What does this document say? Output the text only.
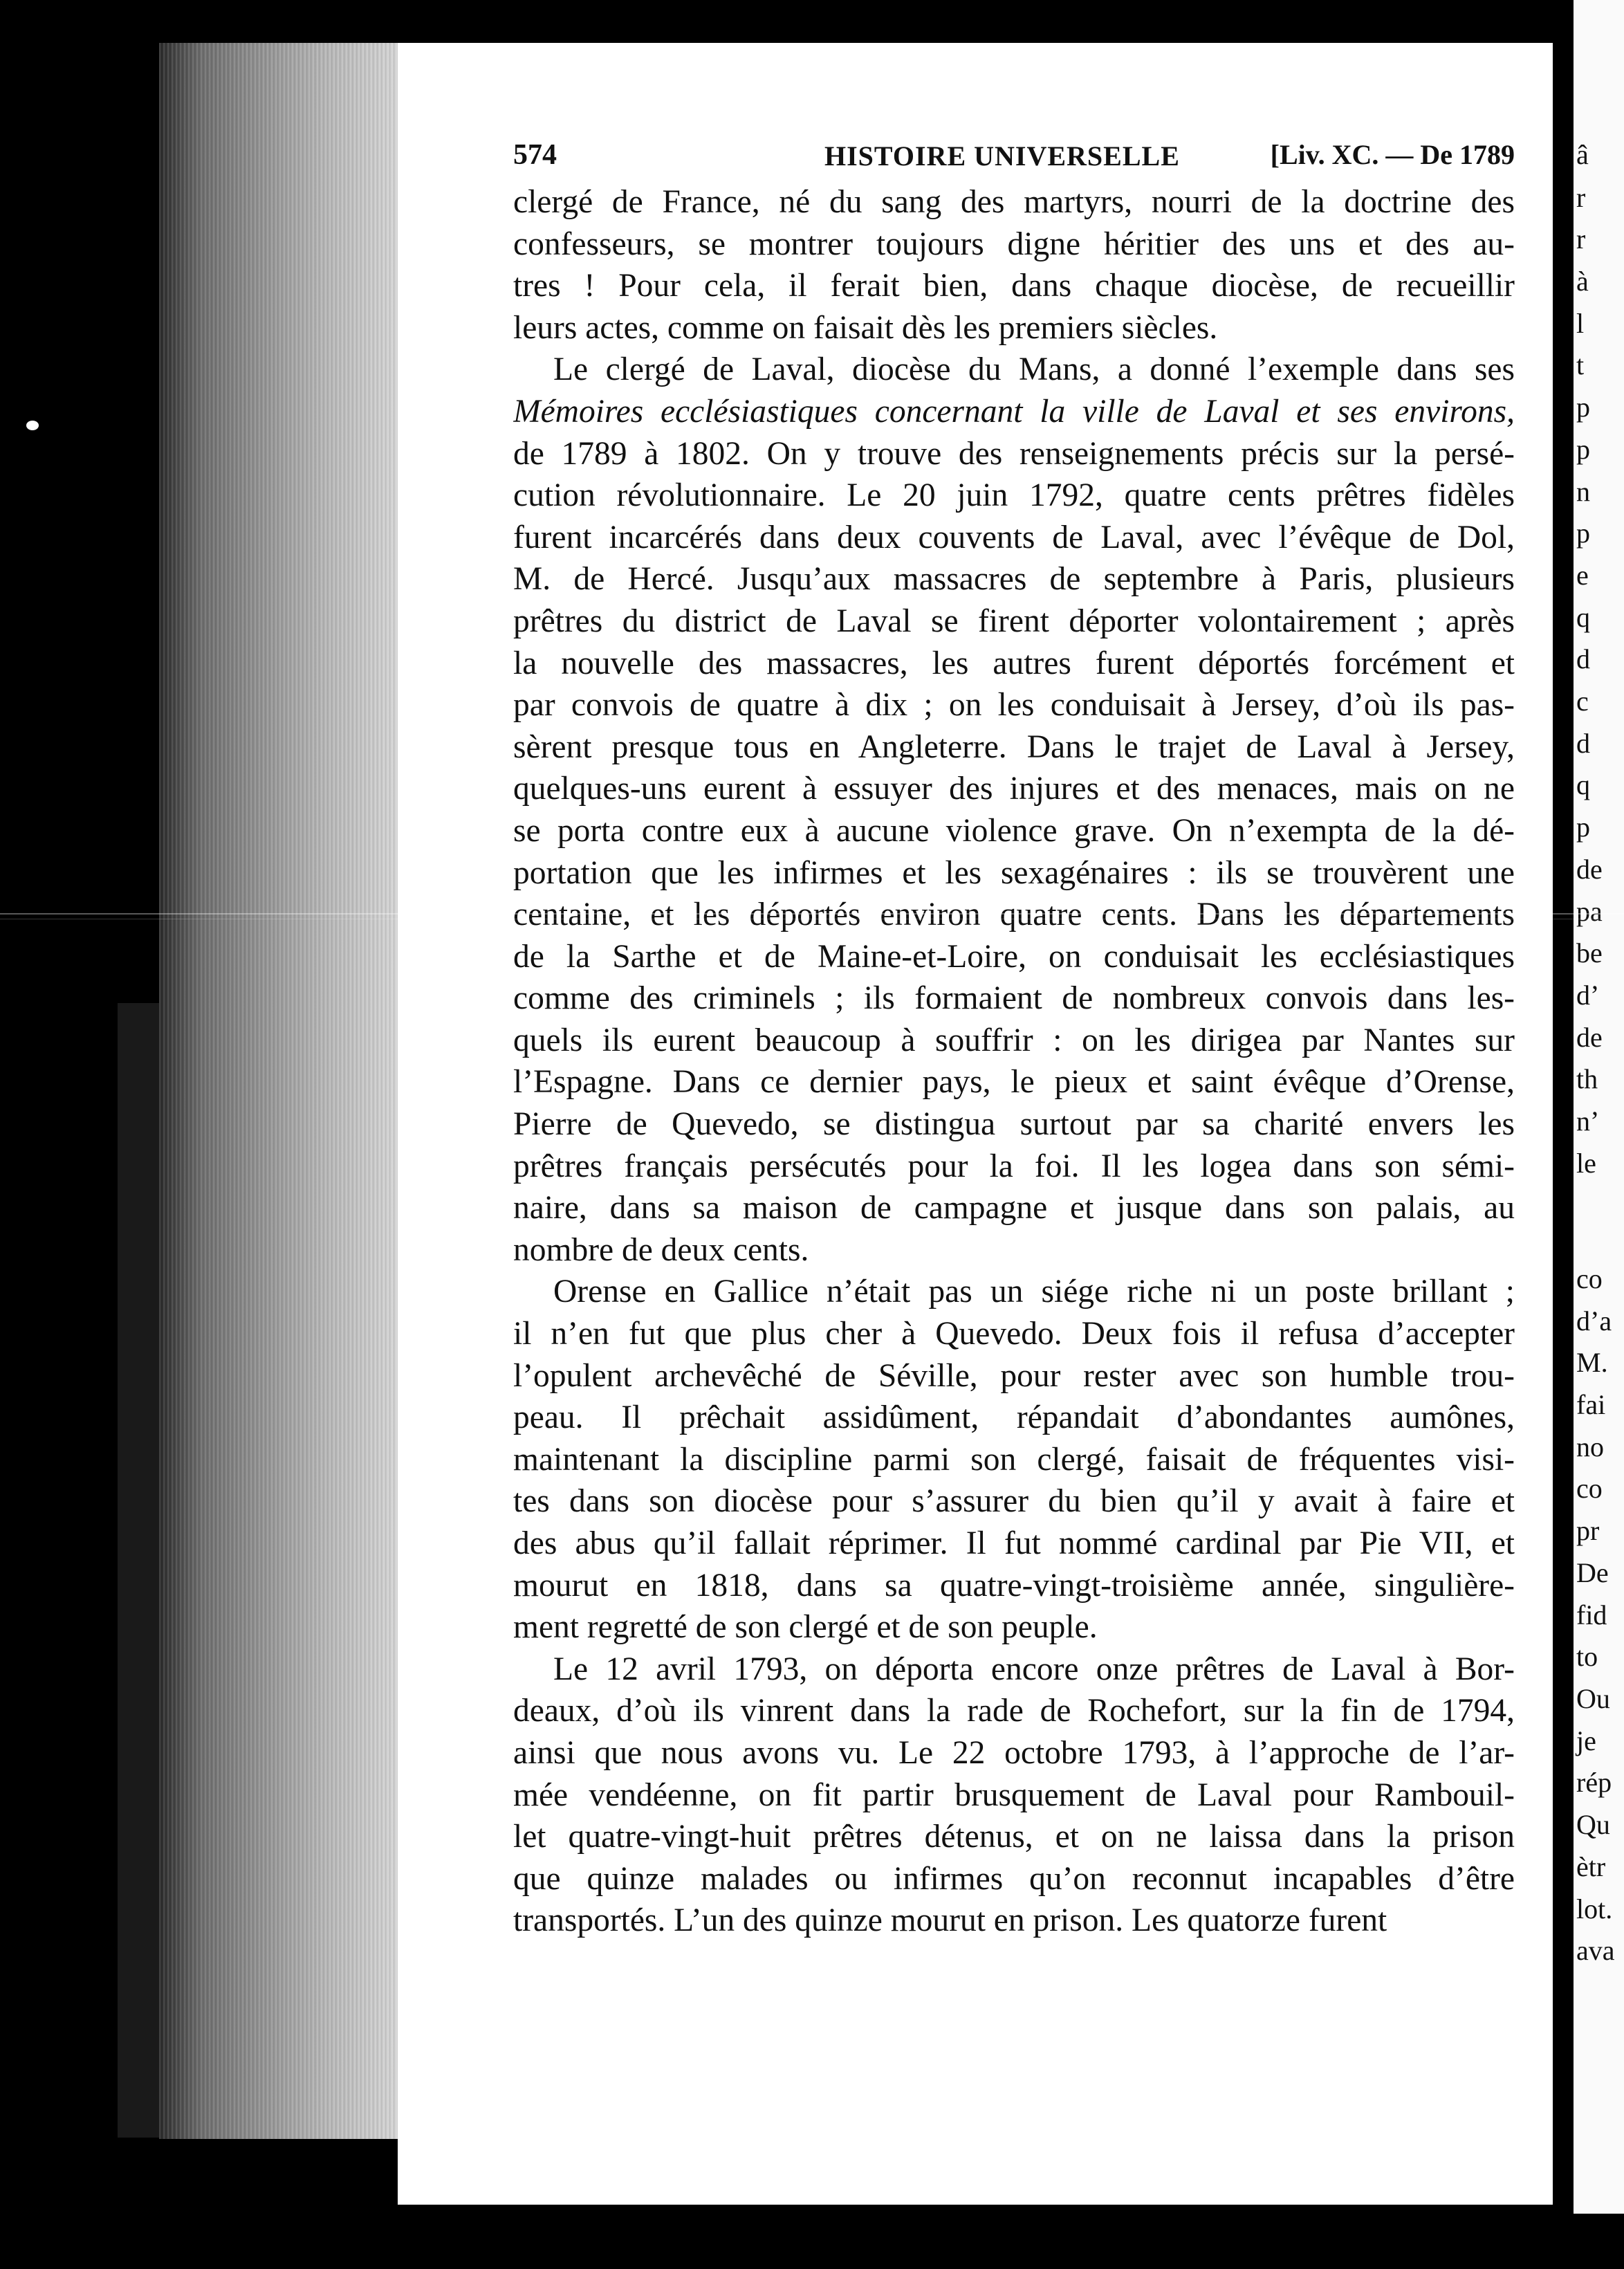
â
r
r
à
l
t
p
p
n
p
e
q
d
c
d
q
p
de
pa
be
d’
de
th
n’
le
co
d’a
M.
fai
no
co
pr
De
fid
to
Ou
je
rép
Qu
ètr
lot.
ava
574	HISTOIRE UNIVERSELLE	[Liv. XC. — De 1789

clergé de France, né du sang des martyrs, nourri de la doctrine des
confesseurs, se montrer toujours digne héritier des uns et des au-
tres ! Pour cela, il ferait bien, dans chaque diocèse, de recueillir
leurs actes, comme on faisait dès les premiers siècles.

Le clergé de Laval, diocèse du Mans, a donné l’exemple dans ses
Mémoires ecclésiastiques concernant la ville de Laval et ses environs,
de 1789 à 1802. On y trouve des renseignements précis sur la persé-
cution révolutionnaire. Le 20 juin 1792, quatre cents prêtres fidèles
furent incarcérés dans deux couvents de Laval, avec l’évêque de Dol,
M. de Hercé. Jusqu’aux massacres de septembre à Paris, plusieurs
prêtres du district de Laval se firent déporter volontairement ; après
la nouvelle des massacres, les autres furent déportés forcément et
par convois de quatre à dix ; on les conduisait à Jersey, d’où ils pas-
sèrent presque tous en Angleterre. Dans le trajet de Laval à Jersey,
quelques-uns eurent à essuyer des injures et des menaces, mais on ne
se porta contre eux à aucune violence grave. On n’exempta de la dé-
portation que les infirmes et les sexagénaires : ils se trouvèrent une
centaine, et les déportés environ quatre cents. Dans les départements
de la Sarthe et de Maine-et-Loire, on conduisait les ecclésiastiques
comme des criminels ; ils formaient de nombreux convois dans les-
quels ils eurent beaucoup à souffrir : on les dirigea par Nantes sur
l’Espagne. Dans ce dernier pays, le pieux et saint évêque d’Orense,
Pierre de Quevedo, se distingua surtout par sa charité envers les
prêtres français persécutés pour la foi. Il les logea dans son sémi-
naire, dans sa maison de campagne et jusque dans son palais, au
nombre de deux cents.

Orense en Gallice n’était pas un siége riche ni un poste brillant ;
il n’en fut que plus cher à Quevedo. Deux fois il refusa d’accepter
l’opulent archevêché de Séville, pour rester avec son humble trou-
peau. Il prêchait assidûment, répandait d’abondantes aumônes,
maintenant la discipline parmi son clergé, faisait de fréquentes visi-
tes dans son diocèse pour s’assurer du bien qu’il y avait à faire et
des abus qu’il fallait réprimer. Il fut nommé cardinal par Pie VII, et
mourut en 1818, dans sa quatre-vingt-troisième année, singulière-
ment regretté de son clergé et de son peuple.

Le 12 avril 1793, on déporta encore onze prêtres de Laval à Bor-
deaux, d’où ils vinrent dans la rade de Rochefort, sur la fin de 1794,
ainsi que nous avons vu. Le 22 octobre 1793, à l’approche de l’ar-
mée vendéenne, on fit partir brusquement de Laval pour Rambouil-
let quatre-vingt-huit prêtres détenus, et on ne laissa dans la prison
que quinze malades ou infirmes qu’on reconnut incapables d’être
transportés. L’un des quinze mourut en prison. Les quatorze furent
